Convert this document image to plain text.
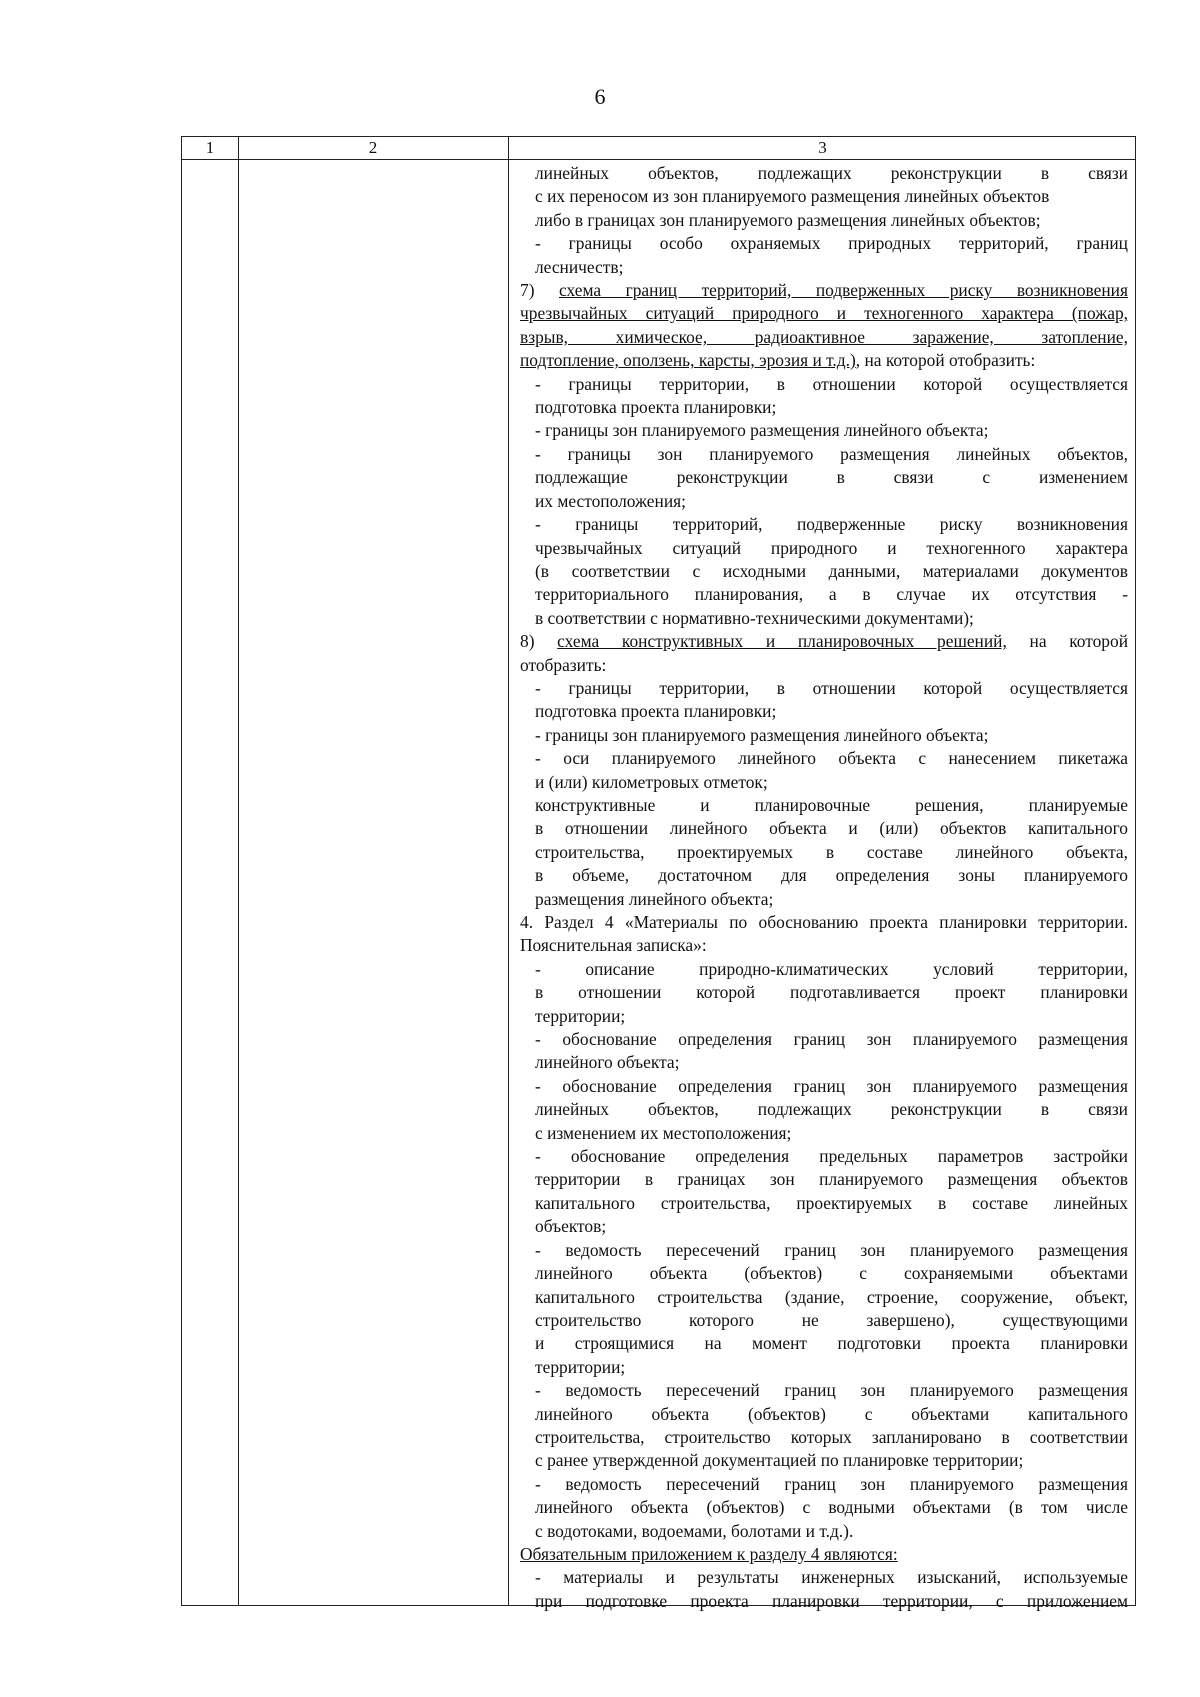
6
1	2	3
линейных объектов, подлежащих реконструкции в связи
с их переносом из зон планируемого размещения линейных объектов
либо в границах зон планируемого размещения линейных объектов;
- границы особо охраняемых природных территорий, границ
лесничеств;
7) схема границ территорий, подверженных риску возникновения
чрезвычайных ситуаций природного и техногенного характера (пожар,
взрыв, химическое, радиоактивное заражение, затопление,
подтопление, оползень, карсты, эрозия и т.д.), на которой отобразить:
- границы территории, в отношении которой осуществляется
подготовка проекта планировки;
- границы зон планируемого размещения линейного объекта;
- границы зон планируемого размещения линейных объектов,
подлежащие реконструкции в связи с изменением
их местоположения;
- границы территорий, подверженные риску возникновения
чрезвычайных ситуаций природного и техногенного характера
(в соответствии с исходными данными, материалами документов
территориального планирования, а в случае их отсутствия -
в соответствии с нормативно-техническими документами);
8) схема конструктивных и планировочных решений, на которой
отобразить:
- границы территории, в отношении которой осуществляется
подготовка проекта планировки;
- границы зон планируемого размещения линейного объекта;
- оси планируемого линейного объекта с нанесением пикетажа
и (или) километровых отметок;
конструктивные и планировочные решения, планируемые
в отношении линейного объекта и (или) объектов капитального
строительства, проектируемых в составе линейного объекта,
в объеме, достаточном для определения зоны планируемого
размещения линейного объекта;
4. Раздел 4 «Материалы по обоснованию проекта планировки территории.
Пояснительная записка»:
- описание природно-климатических условий территории,
в отношении которой подготавливается проект планировки
территории;
- обоснование определения границ зон планируемого размещения
линейного объекта;
- обоснование определения границ зон планируемого размещения
линейных объектов, подлежащих реконструкции в связи
с изменением их местоположения;
- обоснование определения предельных параметров застройки
территории в границах зон планируемого размещения объектов
капитального строительства, проектируемых в составе линейных
объектов;
- ведомость пересечений границ зон планируемого размещения
линейного объекта (объектов) с сохраняемыми объектами
капитального строительства (здание, строение, сооружение, объект,
строительство которого не завершено), существующими
и строящимися на момент подготовки проекта планировки
территории;
- ведомость пересечений границ зон планируемого размещения
линейного объекта (объектов) с объектами капитального
строительства, строительство которых запланировано в соответствии
с ранее утвержденной документацией по планировке территории;
- ведомость пересечений границ зон планируемого размещения
линейного объекта (объектов) с водными объектами (в том числе
с водотоками, водоемами, болотами и т.д.).
Обязательным приложением к разделу 4 являются:
- материалы и результаты инженерных изысканий, используемые
при подготовке проекта планировки территории, с приложением
